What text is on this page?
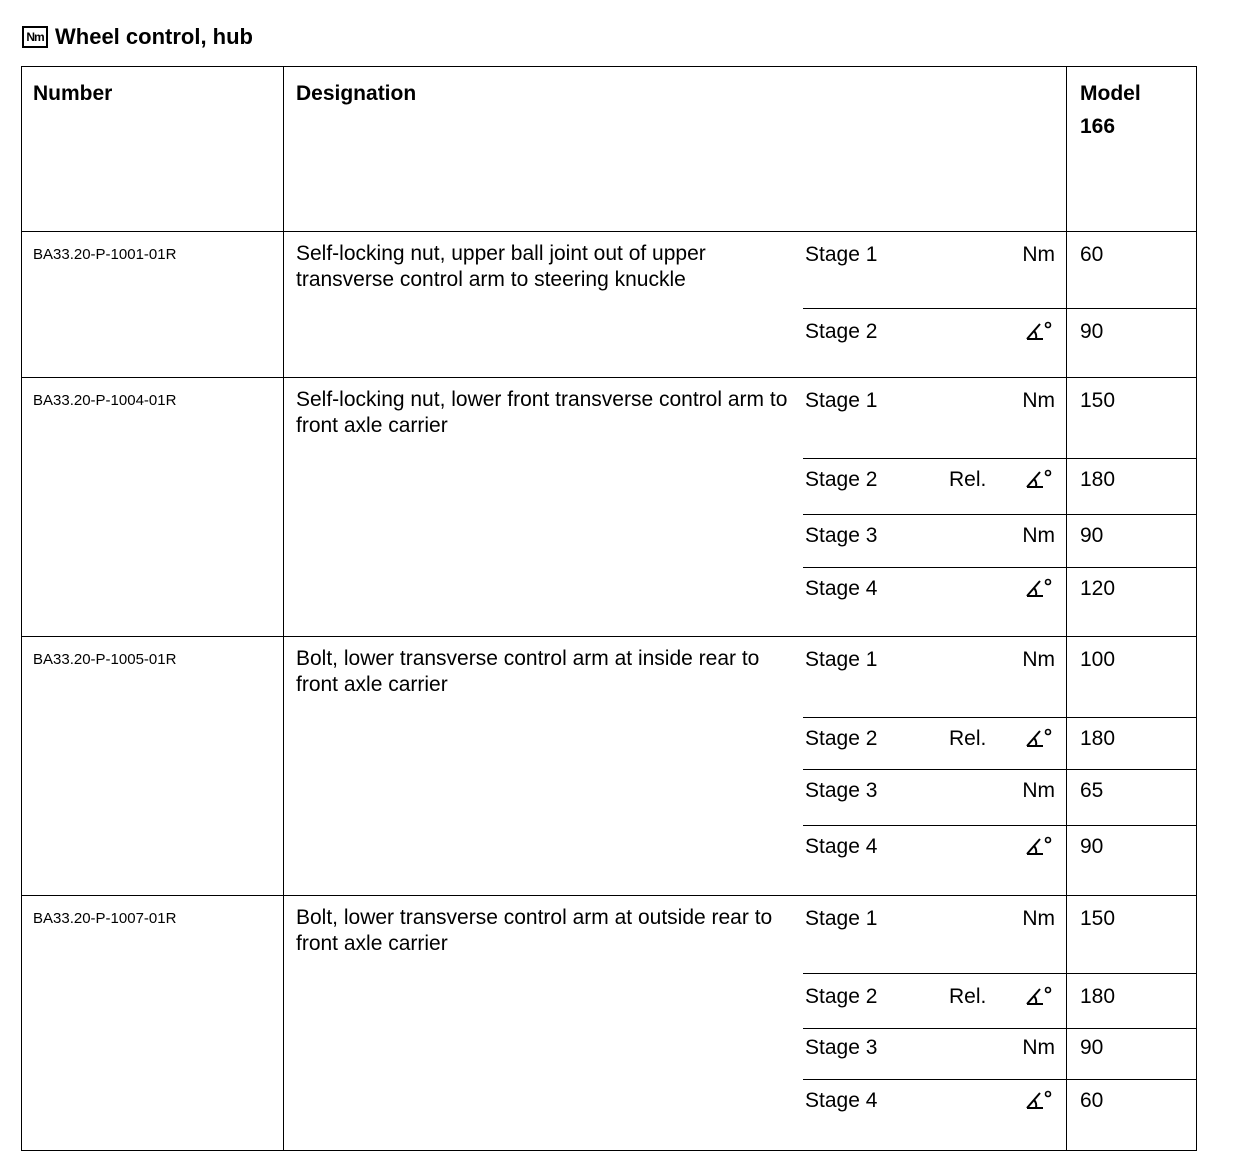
Nm Wheel control, hub
Number	Designation	Model
166
BA33.20-P-1001-01R	Self-locking nut, upper ball joint out of upper transverse control arm to steering knuckle
Stage 1	Nm 60
Stage 2	90
BA33.20-P-1004-01R	Self-locking nut, lower front transverse control arm to front axle carrier
Stage 1	Nm 150
Stage 2	Rel.	180
Stage 3	Nm 90
Stage 4	120
BA33.20-P-1005-01R	Bolt, lower transverse control arm at inside rear to front axle carrier
Stage 1	Nm 100
Stage 2	Rel.	180
Stage 3	Nm 65
Stage 4	90
BA33.20-P-1007-01R	Bolt, lower transverse control arm at outside rear to front axle carrier
Stage 1	Nm 150
Stage 2	Rel.	180
Stage 3	Nm 90
Stage 4	60
